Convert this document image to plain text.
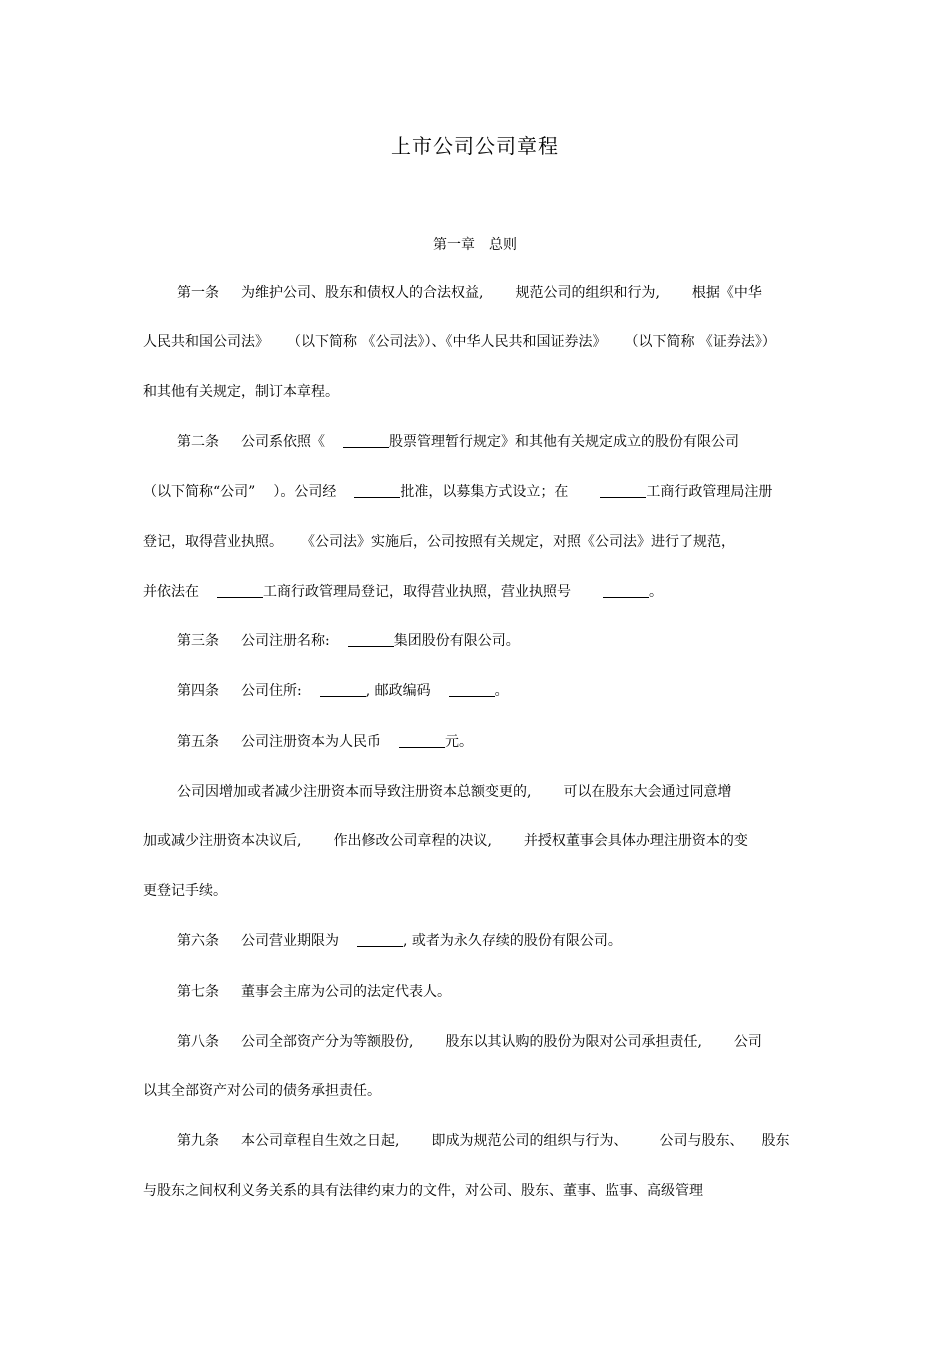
上市公司公司章程
第一章　总则
第一条 为维护公司、股东和债权人的合法权益, 规范公司的组织和行为, 根据《中华
人民共和国公司法》 （以下简称 《公司法》）、《中华人民共和国证券法》 （以下简称 《证券法》）
和其他有关规定，制订本章程。
第二条 公司系依照《	股票管理暂行规定》和其他有关规定成立的股份有限公司
（以下简称“公司” ）。公司经	批准，以募集方式设立；在	工商行政管理局注册
登记，取得营业执照。 《公司法》实施后，公司按照有关规定，对照《公司法》进行了规范，
并依法在	工商行政管理局登记，取得营业执照，营业执照号	。
第三条 公司注册名称:	集团股份有限公司。
第四条 公司住所:	, 邮政编码	。
第五条 公司注册资本为人民币	元。
公司因增加或者减少注册资本而导致注册资本总额变更的, 可以在股东大会通过同意增
加或减少注册资本决议后, 作出修改公司章程的决议, 并授权董事会具体办理注册资本的变
更登记手续。
第六条 公司营业期限为	, 或者为永久存续的股份有限公司。
第七条 董事会主席为公司的法定代表人。
第八条 公司全部资产分为等额股份, 股东以其认购的股份为限对公司承担责任, 公司
以其全部资产对公司的债务承担责任。
第九条 本公司章程自生效之日起, 即成为规范公司的组织与行为、 公司与股东、 股东
与股东之间权利义务关系的具有法律约束力的文件，对公司、股东、董事、监事、高级管理
